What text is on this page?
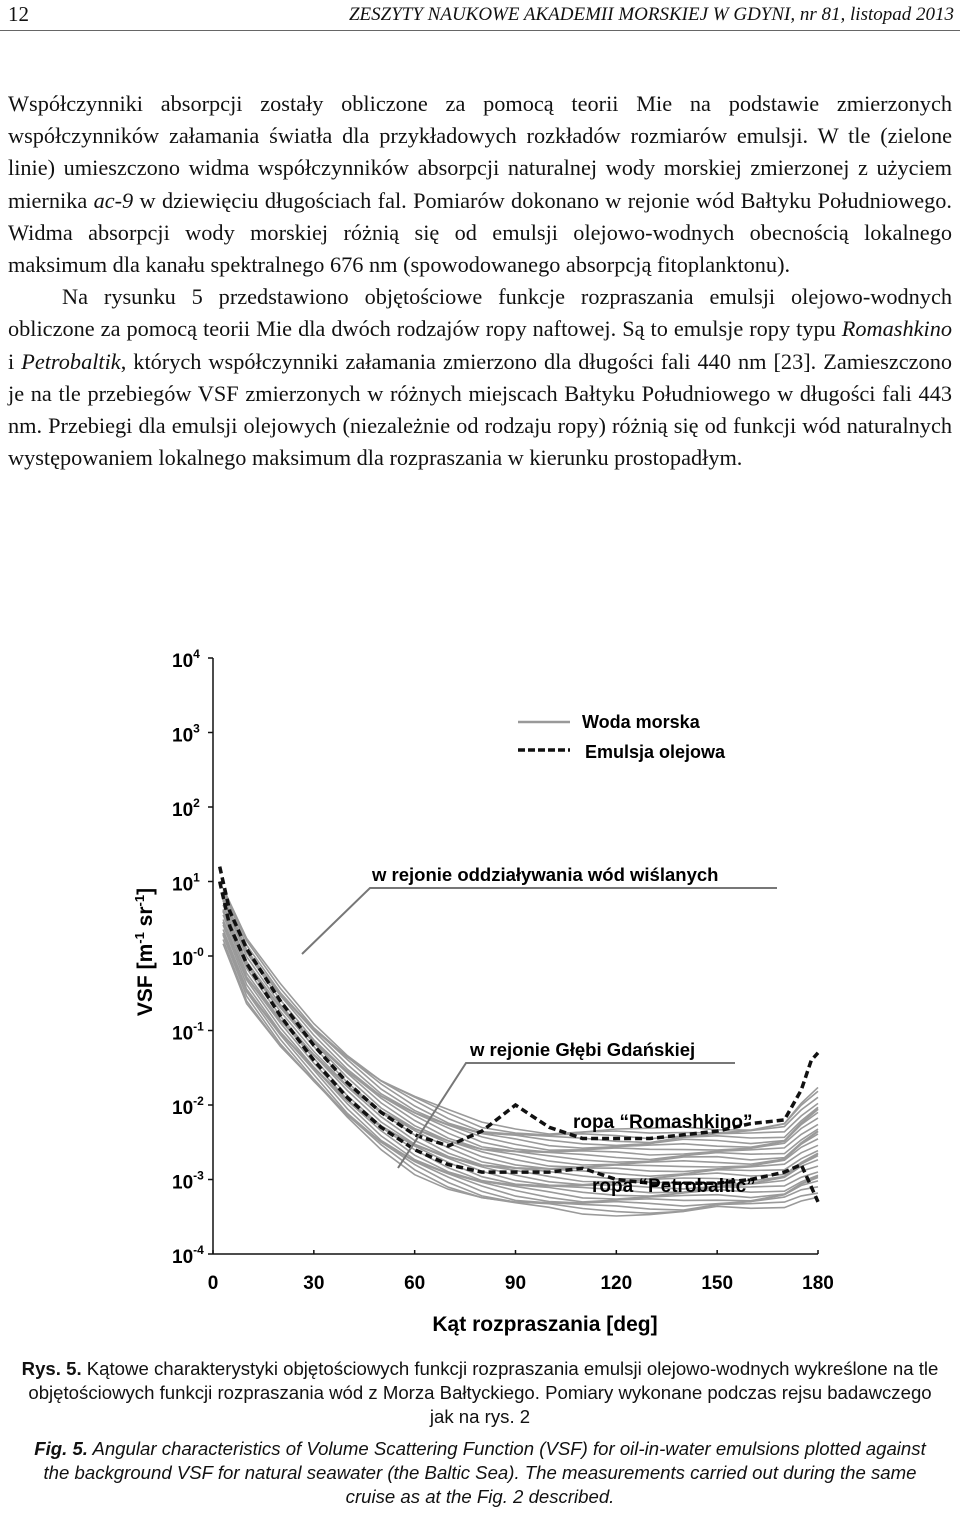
12	ZESZYTY NAUKOWE AKADEMII MORSKIEJ W GDYNI, nr 81, listopad 2013

Współczynniki absorpcji zostały obliczone za pomocą teorii Mie na podstawie zmierzonych współczynników załamania światła dla przykładowych rozkładów rozmiarów emulsji. W tle (zielone linie) umieszczono widma współczynników absorpcji naturalnej wody morskiej zmierzonej z użyciem miernika ac-9 w dziewięciu długościach fal. Pomiarów dokonano w rejonie wód Bałtyku Południowego. Widma absorpcji wody morskiej różnią się od emulsji olejowo-wodnych obecnością lokalnego maksimum dla kanału spektralnego 676 nm (spowodowanego absorpcją fitoplanktonu).

Na rysunku 5 przedstawiono objętościowe funkcje rozpraszania emulsji olejowo-wodnych obliczone za pomocą teorii Mie dla dwóch rodzajów ropy naftowej. Są to emulsje ropy typu Romashkino i Petrobaltik, których współczynniki załamania zmierzono dla długości fali 440 nm [23]. Zamieszczono je na tle przebiegów VSF zmierzonych w różnych miejscach Bałtyku Południowego w długości fali 443 nm. Przebiegi dla emulsji olejowych (niezależnie od rodzaju ropy) różnią się od funkcji wód naturalnych występowaniem lokalnego maksimum dla rozpraszania w kierunku prostopadłym.

$10^4$
$10^3$
$10^2$
$10^1$
$10^{-0}$
$10^{-1}$
$10^{-2}$
$10^{-3}$
$10^{-4}$
0	30	60	90	120	150	180
VSF [$m^{-1}$ $sr^{-1}$]
Kąt rozpraszania [deg]
Woda morska
Emulsja olejowa
w rejonie oddziaływania wód wiślanych
w rejonie Głębi Gdańskiej
ropa “Romashkino”
ropa “Petrobaltic”
Rys. 5. Kątowe charakterystyki objętościowych funkcji rozpraszania emulsji olejowo-wodnych wykreślone na tle objętościowych funkcji rozpraszania wód z Morza Bałtyckiego. Pomiary wykonane podczas rejsu badawczego jak na rys. 2
Fig. 5. Angular characteristics of Volume Scattering Function (VSF) for oil-in-water emulsions plotted against the background VSF for natural seawater (the Baltic Sea). The measurements carried out during the same cruise as at the Fig. 2 described.
